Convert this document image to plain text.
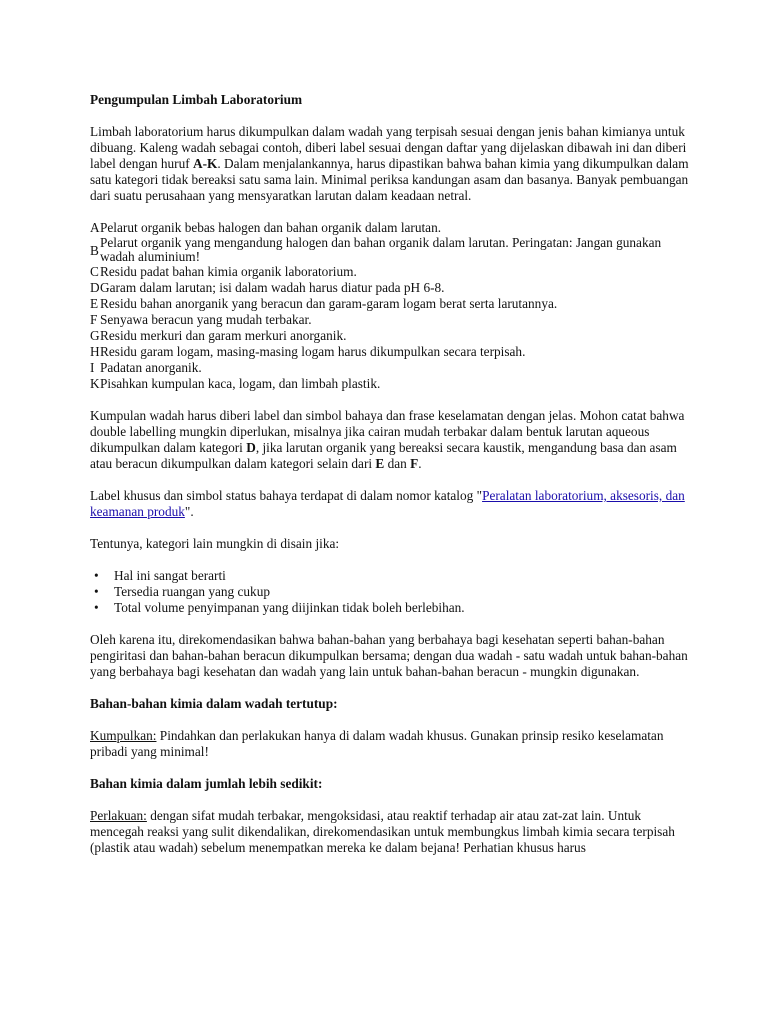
Pengumpulan Limbah Laboratorium

Limbah laboratorium harus dikumpulkan dalam wadah yang terpisah sesuai dengan jenis bahan kimianya untuk dibuang. Kaleng wadah sebagai contoh, diberi label sesuai dengan daftar yang dijelaskan dibawah ini dan diberi label dengan huruf A-K. Dalam menjalankannya, harus dipastikan bahwa bahan kimia yang dikumpulkan dalam satu kategori tidak bereaksi satu sama lain. Minimal periksa kandungan asam dan basanya. Banyak pembuangan dari suatu perusahaan yang mensyaratkan larutan dalam keadaan netral.

A Pelarut organik bebas halogen dan bahan organik dalam larutan.
B
Pelarut organik yang mengandung halogen dan bahan organik dalam larutan. Peringatan: Jangan gunakan wadah aluminium!
C Residu padat bahan kimia organik laboratorium.
D Garam dalam larutan; isi dalam wadah harus diatur pada pH 6-8.
E Residu bahan anorganik yang beracun dan garam-garam logam berat serta larutannya.
F Senyawa beracun yang mudah terbakar.
G Residu merkuri dan garam merkuri anorganik.
H Residu garam logam, masing-masing logam harus dikumpulkan secara terpisah.
I Padatan anorganik.
K Pisahkan kumpulan kaca, logam, dan limbah plastik.

Kumpulan wadah harus diberi label dan simbol bahaya dan frase keselamatan dengan jelas. Mohon catat bahwa double labelling mungkin diperlukan, misalnya jika cairan mudah terbakar dalam bentuk larutan aqueous dikumpulkan dalam kategori D, jika larutan organik yang bereaksi secara kaustik, mengandung basa dan asam atau beracun dikumpulkan dalam kategori selain dari E dan F.

Label khusus dan simbol status bahaya terdapat di dalam nomor katalog "Peralatan laboratorium, aksesoris, dan keamanan produk".

Tentunya, kategori lain mungkin di disain jika:

• Hal ini sangat berarti
• Tersedia ruangan yang cukup
• Total volume penyimpanan yang diijinkan tidak boleh berlebihan.

Oleh karena itu, direkomendasikan bahwa bahan-bahan yang berbahaya bagi kesehatan seperti bahan-bahan pengiritasi dan bahan-bahan beracun dikumpulkan bersama; dengan dua wadah - satu wadah untuk bahan-bahan yang berbahaya bagi kesehatan dan wadah yang lain untuk bahan-bahan beracun - mungkin digunakan.

Bahan-bahan kimia dalam wadah tertutup:

Kumpulkan: Pindahkan dan perlakukan hanya di dalam wadah khusus. Gunakan prinsip resiko keselamatan pribadi yang minimal!

Bahan kimia dalam jumlah lebih sedikit:

Perlakuan: dengan sifat mudah terbakar, mengoksidasi, atau reaktif terhadap air atau zat-zat lain. Untuk mencegah reaksi yang sulit dikendalikan, direkomendasikan untuk membungkus limbah kimia secara terpisah (plastik atau wadah) sebelum menempatkan mereka ke dalam bejana! Perhatian khusus harus
